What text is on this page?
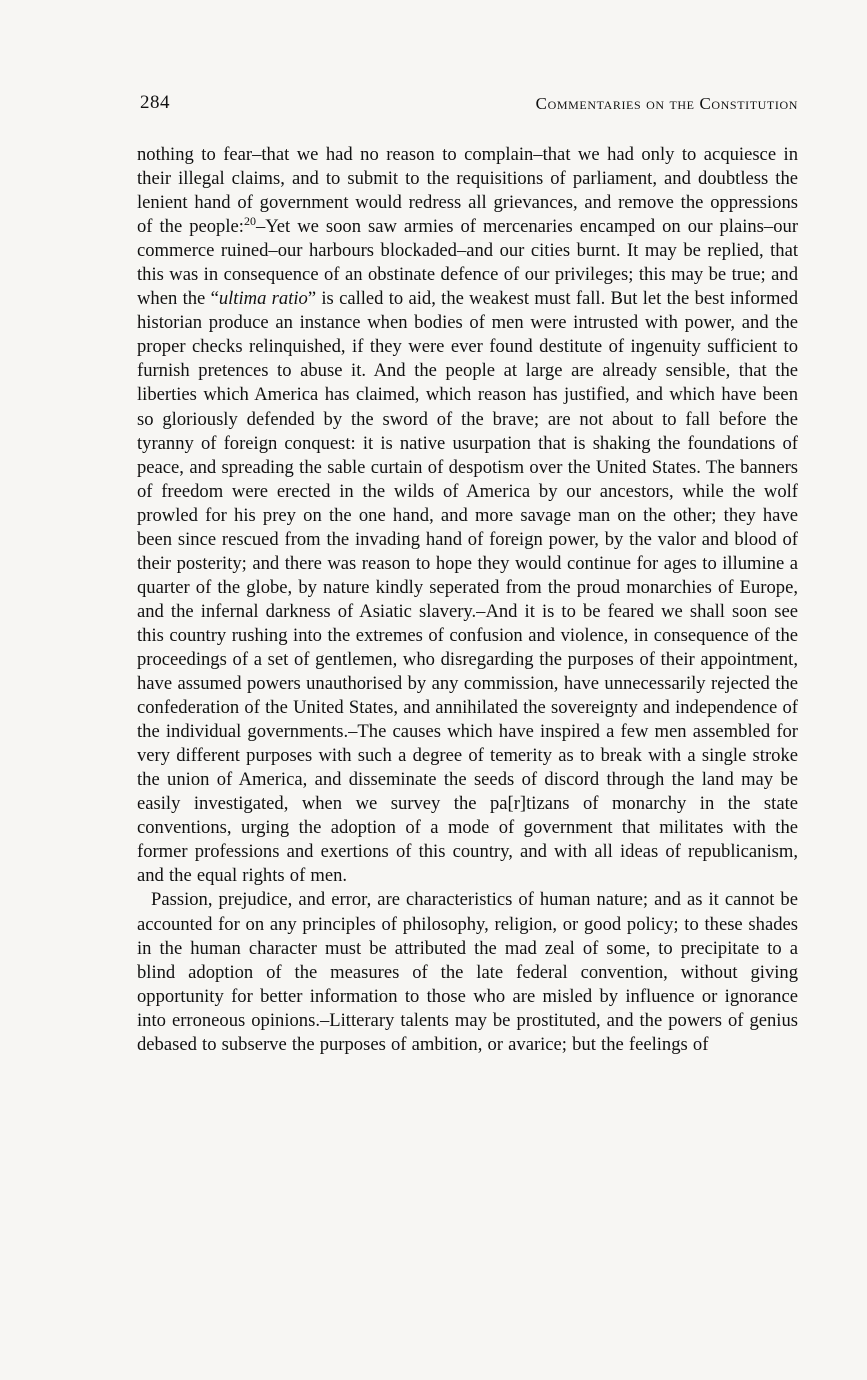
284	Commentaries on the Constitution

nothing to fear–that we had no reason to complain–that we had only to acquiesce in their illegal claims, and to submit to the requisitions of parliament, and doubtless the lenient hand of government would redress all grievances, and remove the oppressions of the people:$^{20}$–Yet we soon saw armies of mercenaries encamped on our plains–our commerce ruined–our harbours blockaded–and our cities burnt. It may be replied, that this was in consequence of an obstinate defence of our privileges; this may be true; and when the “ultima ratio” is called to aid, the weakest must fall. But let the best informed historian produce an instance when bodies of men were intrusted with power, and the proper checks relinquished, if they were ever found destitute of ingenuity sufficient to furnish pretences to abuse it. And the people at large are already sensible, that the liberties which America has claimed, which reason has justified, and which have been so gloriously defended by the sword of the brave; are not about to fall before the tyranny of foreign conquest: it is native usurpation that is shaking the foundations of peace, and spreading the sable curtain of despotism over the United States. The banners of freedom were erected in the wilds of America by our ancestors, while the wolf prowled for his prey on the one hand, and more savage man on the other; they have been since rescued from the invading hand of foreign power, by the valor and blood of their posterity; and there was reason to hope they would continue for ages to illumine a quarter of the globe, by nature kindly seperated from the proud monarchies of Europe, and the infernal darkness of Asiatic slavery.–And it is to be feared we shall soon see this country rushing into the extremes of confusion and violence, in consequence of the proceedings of a set of gentlemen, who disregarding the purposes of their appointment, have assumed powers unauthorised by any commission, have unnecessarily rejected the confederation of the United States, and annihilated the sovereignty and independence of the individual governments.–The causes which have inspired a few men assembled for very different purposes with such a degree of temerity as to break with a single stroke the union of America, and disseminate the seeds of discord through the land may be easily investigated, when we survey the pa[r]tizans of monarchy in the state conventions, urging the adoption of a mode of government that militates with the former professions and exertions of this country, and with all ideas of republicanism, and the equal rights of men.

Passion, prejudice, and error, are characteristics of human nature; and as it cannot be accounted for on any principles of philosophy, religion, or good policy; to these shades in the human character must be attributed the mad zeal of some, to precipitate to a blind adoption of the measures of the late federal convention, without giving opportunity for better information to those who are misled by influence or ignorance into erroneous opinions.–Litterary talents may be prostituted, and the powers of genius debased to subserve the purposes of ambition, or avarice; but the feelings of
